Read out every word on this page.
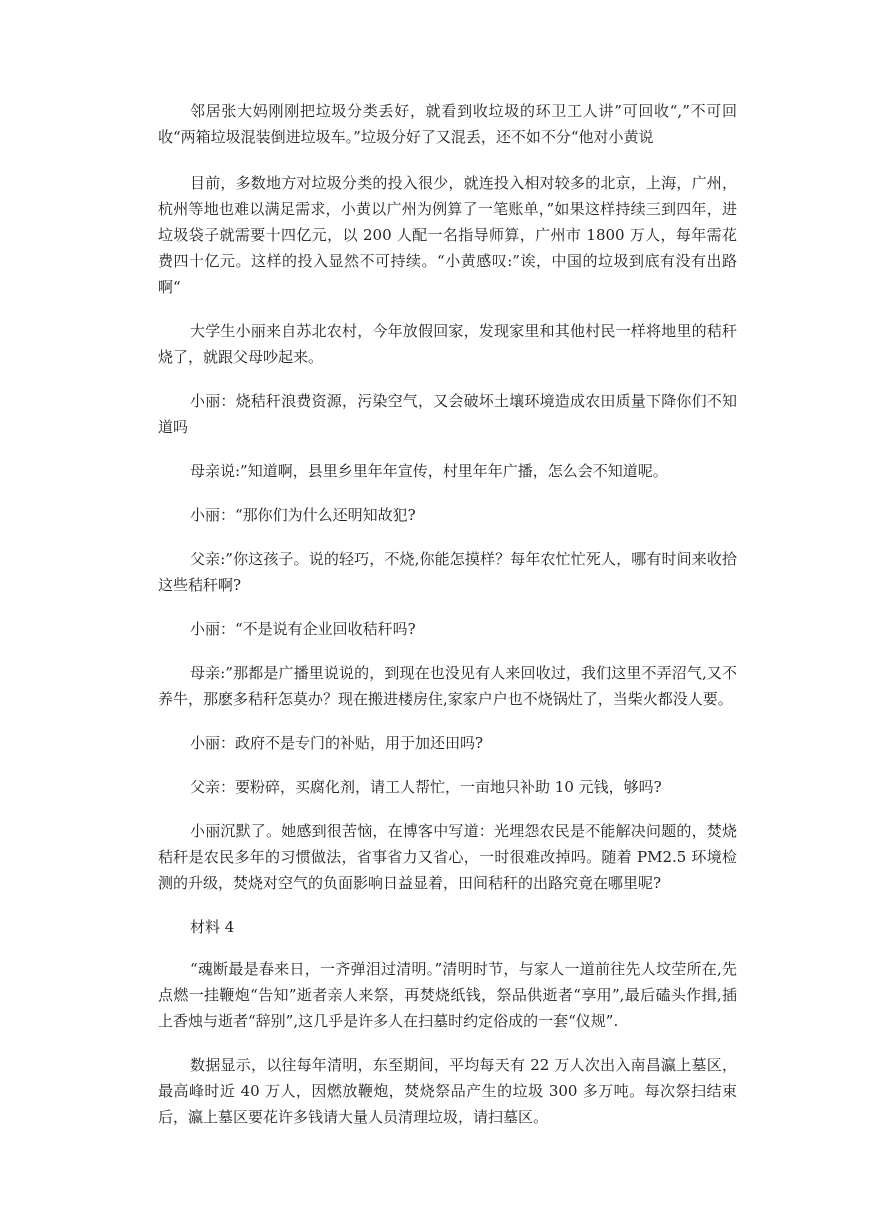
邻居张大妈刚刚把垃圾分类丢好，就看到收垃圾的环卫工人讲”可回收“,”不可回收“两箱垃圾混装倒进垃圾车。”垃圾分好了又混丢，还不如不分“他对小黄说

目前，多数地方对垃圾分类的投入很少，就连投入相对较多的北京，上海，广州，杭州等地也难以满足需求，小黄以广州为例算了一笔账单，”如果这样持续三到四年，进垃圾袋子就需要十四亿元，以 200 人配一名指导师算，广州市 1800 万人，每年需花费四十亿元。这样的投入显然不可持续。“小黄感叹:”诶，中国的垃圾到底有没有出路啊“

大学生小丽来自苏北农村，今年放假回家，发现家里和其他村民一样将地里的秸秆烧了，就跟父母吵起来。

小丽：烧秸秆浪费资源，污染空气，又会破坏土壤环境造成农田质量下降你们不知道吗

母亲说:”知道啊，县里乡里年年宣传，村里年年广播，怎么会不知道呢。

小丽：“那你们为什么还明知故犯?

父亲:”你这孩子。说的轻巧，不烧,你能怎摸样？每年农忙忙死人，哪有时间来收拾这些秸秆啊?

小丽：“不是说有企业回收秸秆吗?

母亲:”那都是广播里说说的，到现在也没见有人来回收过，我们这里不弄沼气,又不养牛，那麽多秸秆怎莫办？现在搬进楼房住,家家户户也不烧锅灶了，当柴火都没人要。

小丽：政府不是专门的补贴，用于加还田吗?

父亲：要粉碎，买腐化剂，请工人帮忙，一亩地只补助 10 元钱，够吗?

小丽沉默了。她感到很苦恼，在博客中写道：光埋怨农民是不能解决问题的，焚烧秸秆是农民多年的习惯做法，省事省力又省心，一时很难改掉吗。随着 PM2.5 环境检测的升级，焚烧对空气的负面影响日益显着，田间秸秆的出路究竟在哪里呢?

材料 4

“魂断最是春来日，一齐弹泪过清明。”清明时节，与家人一道前往先人坟茔所在,先点燃一挂鞭炮“告知”逝者亲人来祭，再焚烧纸钱，祭品供逝者“享用”,最后磕头作揖,插上香烛与逝者“辞别”,这几乎是许多人在扫墓时约定俗成的一套“仪规”.

数据显示，以往每年清明，东至期间，平均每天有 22 万人次出入南昌瀛上墓区，最高峰时近 40 万人，因燃放鞭炮，焚烧祭品产生的垃圾 300 多万吨。每次祭扫结束后，瀛上墓区要花许多钱请大量人员清理垃圾，请扫墓区。
